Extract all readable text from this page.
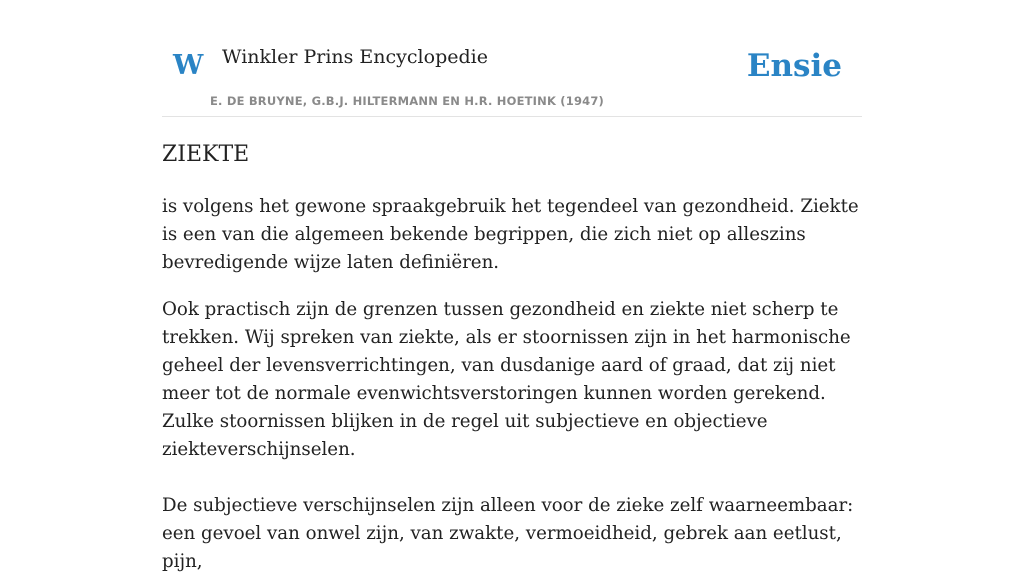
W Winkler Prins Encyclopedie
E. DE BRUYNE, G.B.J. HILTERMANN EN H.R. HOETINK (1947)
Ensie
ZIEKTE

is volgens het gewone spraakgebruik het tegendeel van gezondheid. Ziekte is een van die algemeen bekende begrippen, die zich niet op alleszins bevredigende wijze laten definiëren.

Ook practisch zijn de grenzen tussen gezondheid en ziekte niet scherp te trekken. Wij spreken van ziekte, als er stoornissen zijn in het harmonische geheel der levensverrichtingen, van dusdanige aard of graad, dat zij niet meer tot de normale evenwichtsverstoringen kunnen worden gerekend. Zulke stoornissen blijken in de regel uit subjectieve en objectieve ziekteverschijnselen.

De subjectieve verschijnselen zijn alleen voor de zieke zelf waarneembaar: een gevoel van onwel zijn, van zwakte, vermoeidheid, gebrek aan eetlust, pijn,
